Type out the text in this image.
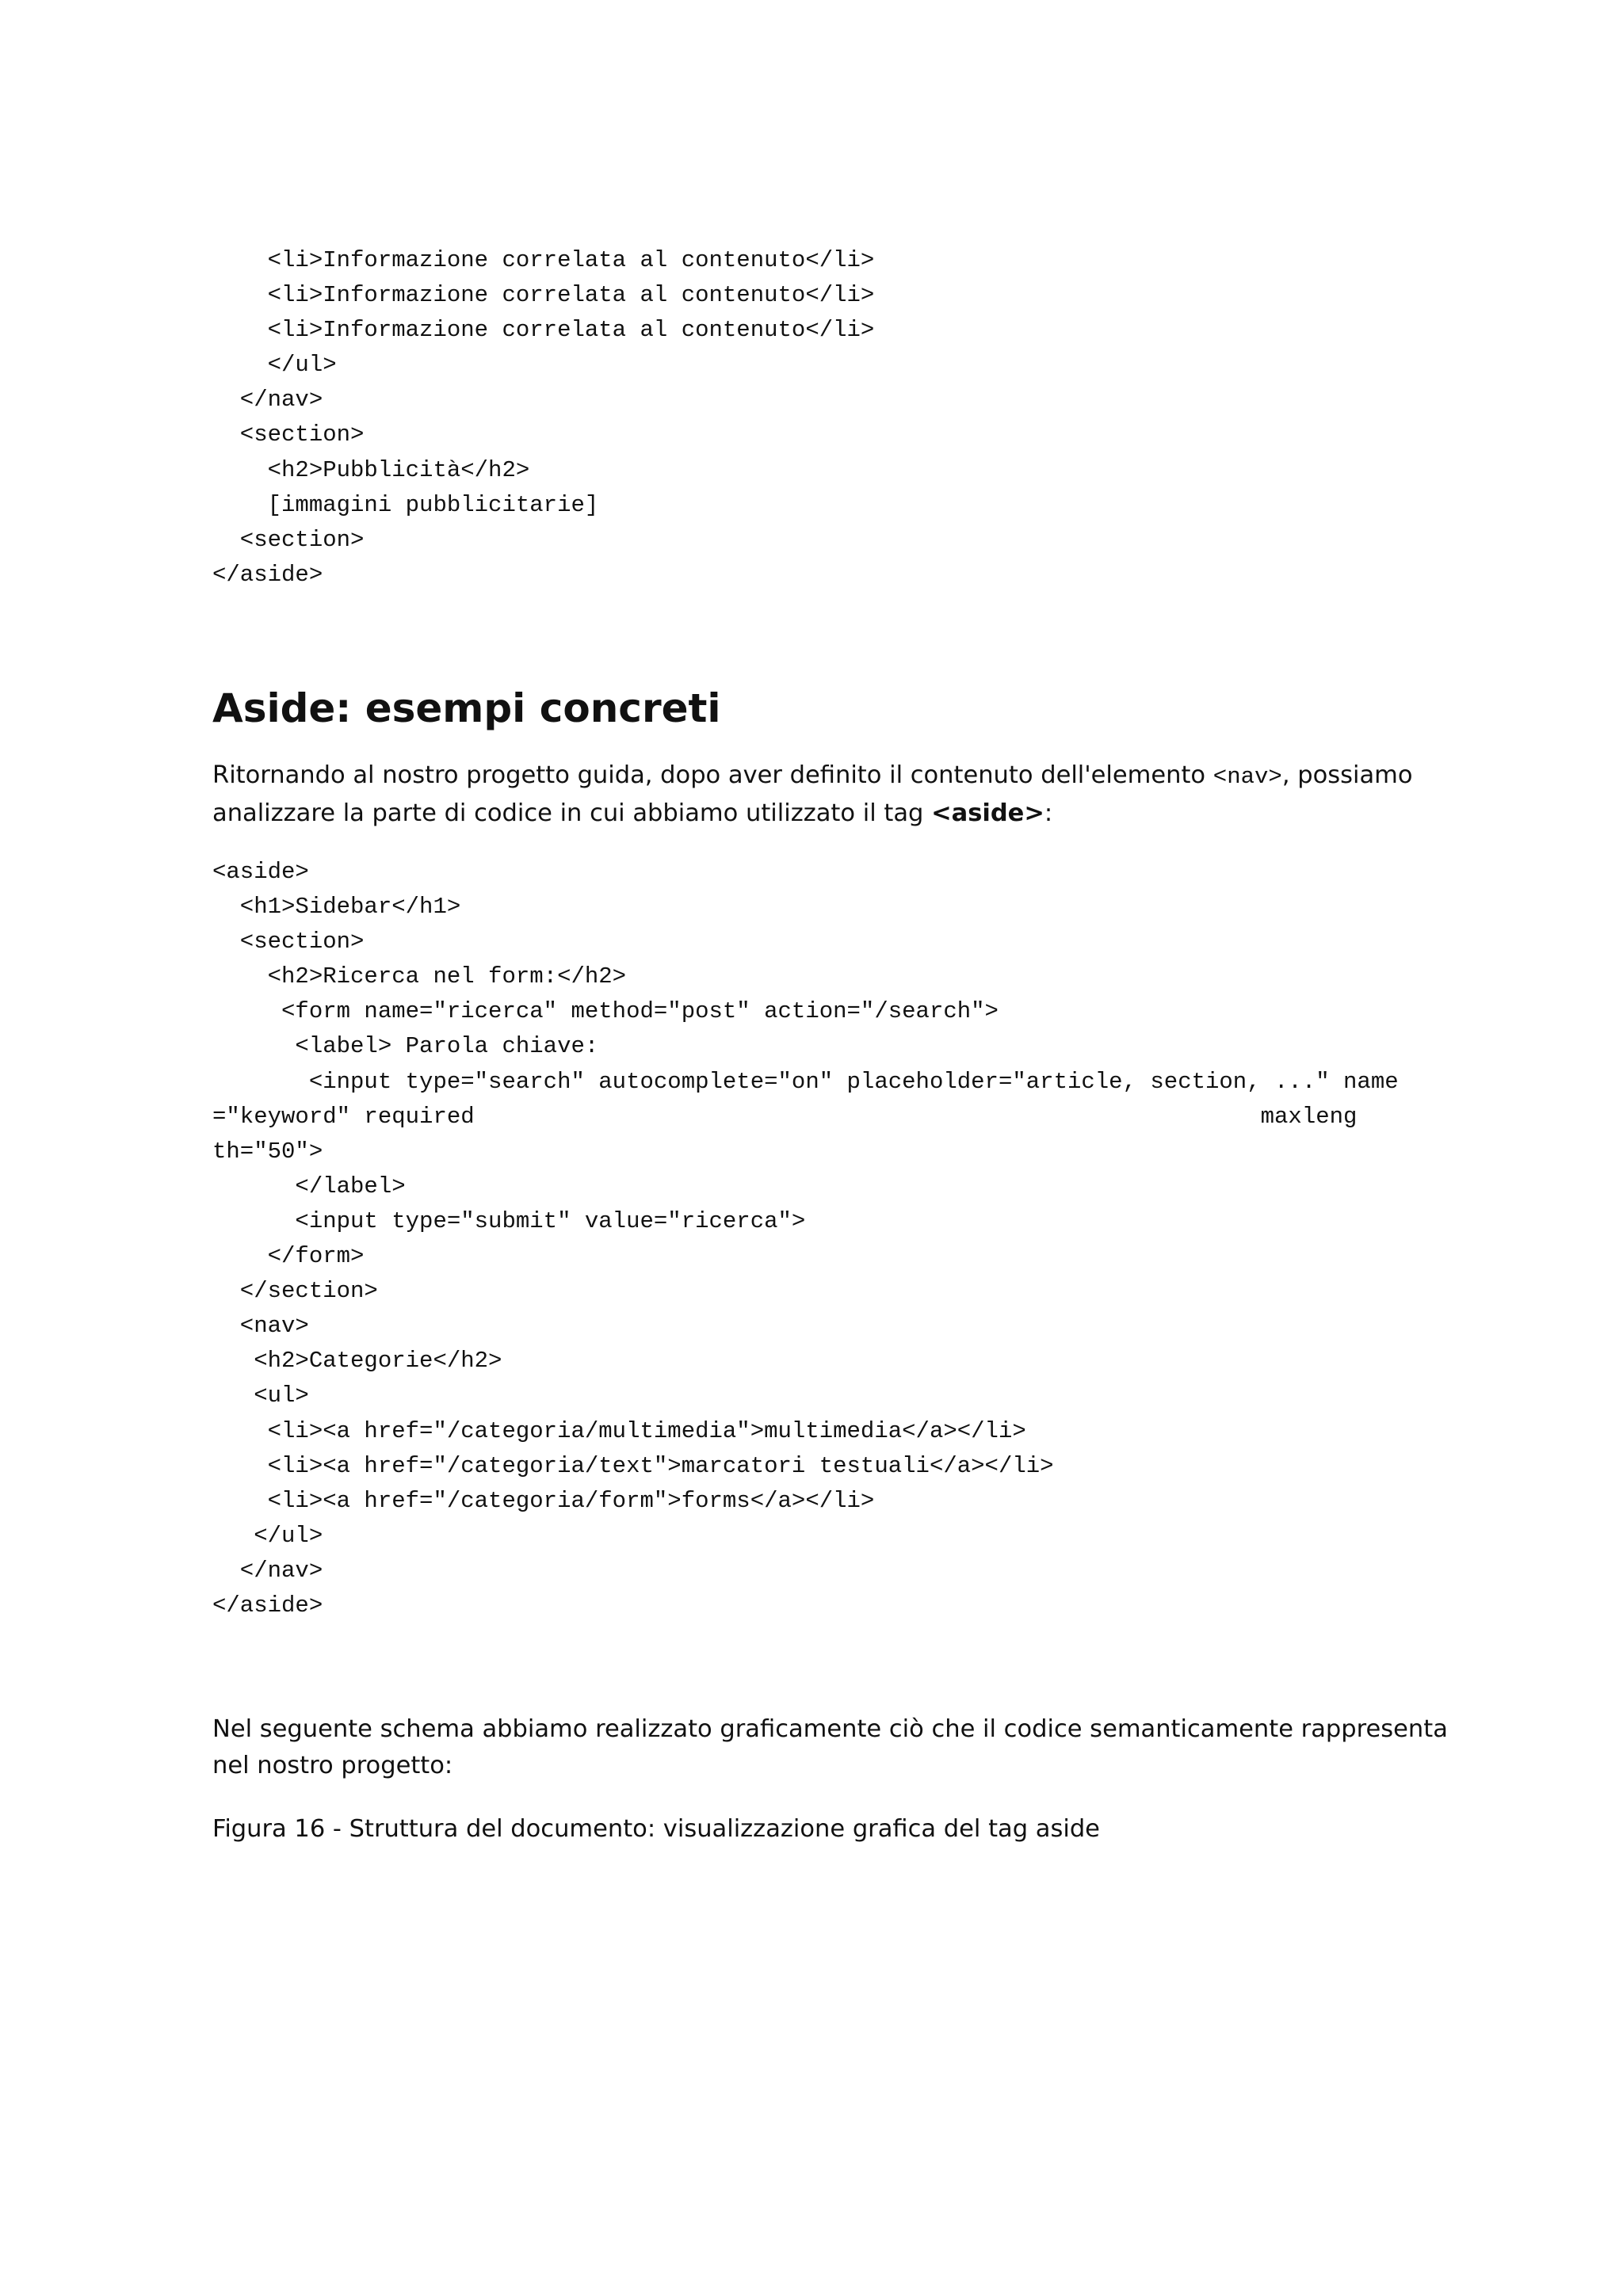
<li>Informazione correlata al contenuto</li>
<li>Informazione correlata al contenuto</li>
<li>Informazione correlata al contenuto</li>
</ul>
</nav>
<section>
<h2>Pubblicità</h2>
[immagini pubblicitarie]
<section>
</aside>
Aside: esempi concreti

Ritornando al nostro progetto guida, dopo aver definito il contenuto dell'elemento <nav>, possiamo
analizzare la parte di codice in cui abbiamo utilizzato il tag <aside>:

<aside>
<h1>Sidebar</h1>
<section>
<h2>Ricerca nel form:</h2>
<form name="ricerca" method="post" action="/search">
<label> Parola chiave:
<input type="search" autocomplete="on" placeholder="article, section, ..." name
="keyword" required                                                         maxleng
th="50">
</label>
<input type="submit" value="ricerca">
</form>
</section>
<nav>
<h2>Categorie</h2>
<ul>
<li><a href="/categoria/multimedia">multimedia</a></li>
<li><a href="/categoria/text">marcatori testuali</a></li>
<li><a href="/categoria/form">forms</a></li>
</ul>
</nav>
</aside>

Nel seguente schema abbiamo realizzato graficamente ciò che il codice semanticamente rappresenta
nel nostro progetto:

Figura 16 - Struttura del documento: visualizzazione grafica del tag aside
